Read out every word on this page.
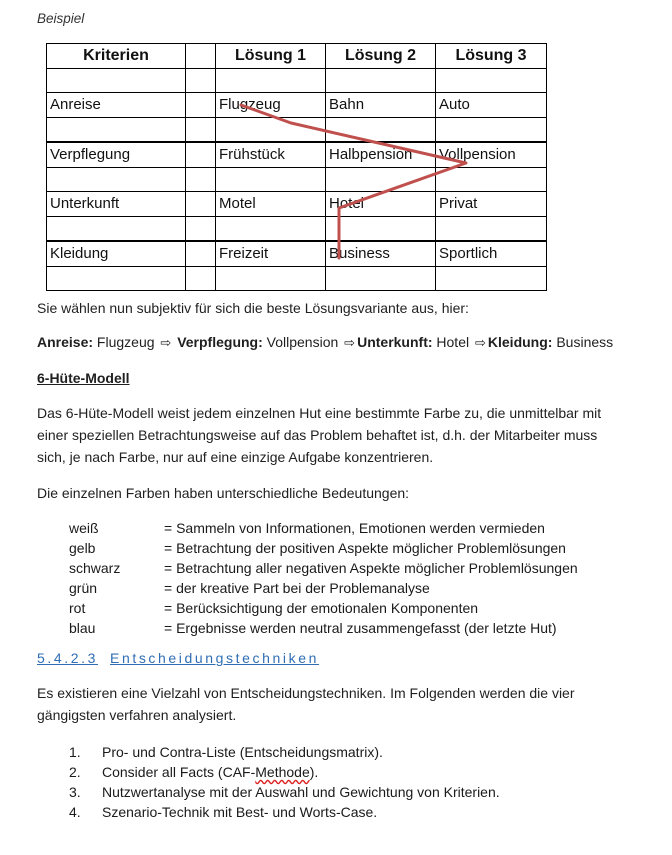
Beispiel
Kriterien		Lösung 1	Lösung 2	Lösung 3

Anreise		Flugzeug	Bahn	Auto

Verpflegung		Frühstück	Halbpension	Vollpension

Unterkunft		Motel	Hotel	Privat

Kleidung		Freizeit	Business	Sportlich

Sie wählen nun subjektiv für sich die beste Lösungsvariante aus, hier:
Anreise: Flugzeug ⇨ Verpflegung: Vollpension ⇨ Unterkunft: Hotel ⇨ Kleidung: Business
6-Hüte-Modell
Das 6-Hüte-Modell weist jedem einzelnen Hut eine bestimmte Farbe zu, die unmittelbar mit einer speziellen Betrachtungsweise auf das Problem behaftet ist, d.h. der Mitarbeiter muss sich, je nach Farbe, nur auf eine einzige Aufgabe konzentrieren.
Die einzelnen Farben haben unterschiedliche Bedeutungen:
weiß	= Sammeln von Informationen, Emotionen werden vermieden
gelb	= Betrachtung der positiven Aspekte möglicher Problemlösungen
schwarz	= Betrachtung aller negativen Aspekte möglicher Problemlösungen
grün	= der kreative Part bei der Problemanalyse
rot	= Berücksichtigung der emotionalen Komponenten
blau	= Ergebnisse werden neutral zusammengefasst (der letzte Hut)
5.4.2.3 Entscheidungstechniken
Es existieren eine Vielzahl von Entscheidungstechniken. Im Folgenden werden die vier gängigsten verfahren analysiert.
1. Pro- und Contra-Liste (Entscheidungsmatrix).
2. Consider all Facts (CAF-Methode).
3. Nutzwertanalyse mit der Auswahl und Gewichtung von Kriterien.
4. Szenario-Technik mit Best- und Worts-Case.
